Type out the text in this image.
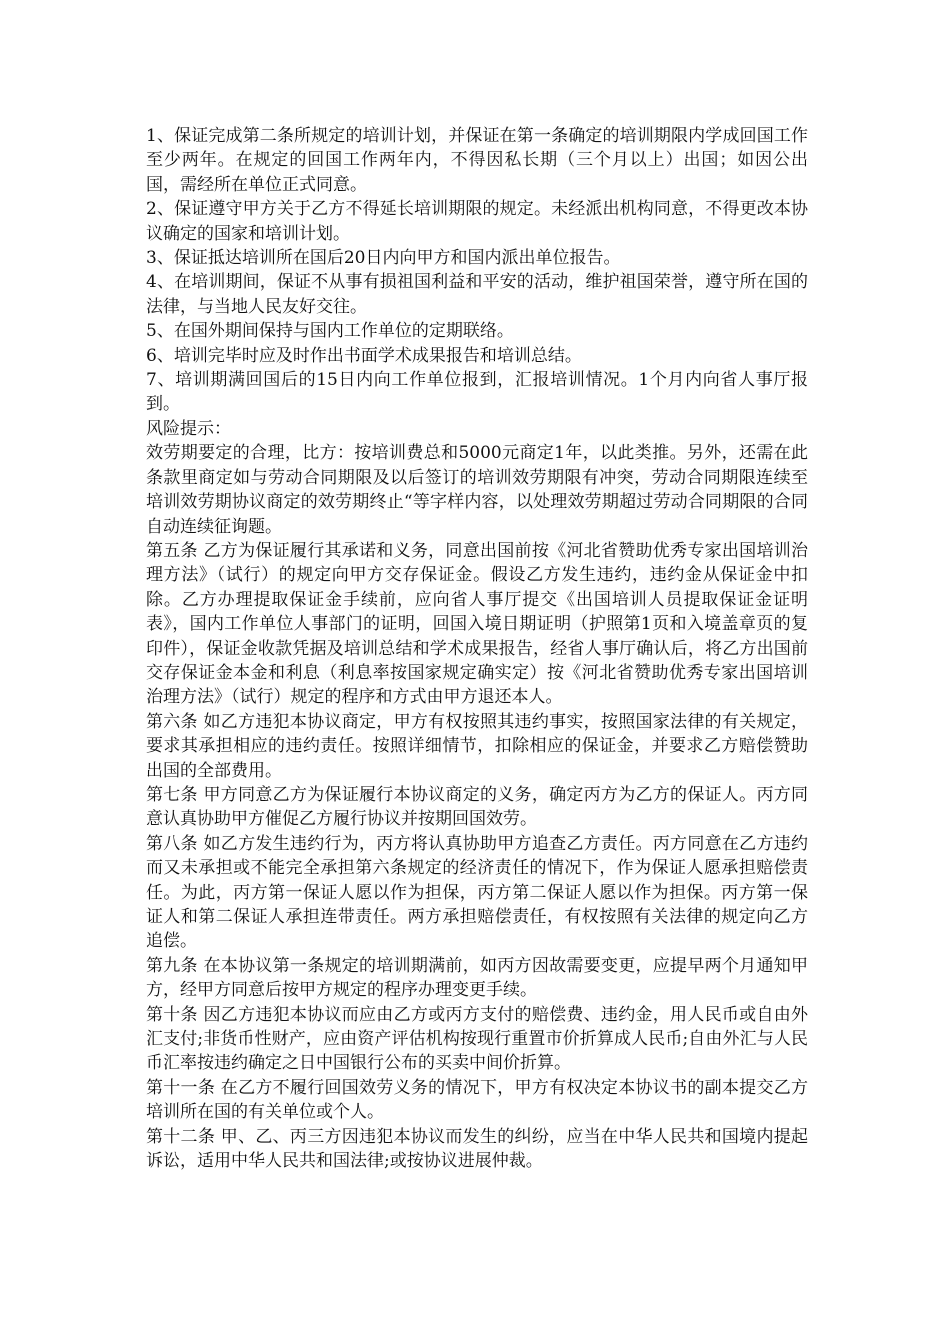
1、保证完成第二条所规定的培训计划，并保证在第一条确定的培训期限内学成回国工作至少两年。在规定的回国工作两年内，不得因私长期（三个月以上）出国；如因公出国，需经所在单位正式同意。

2、保证遵守甲方关于乙方不得延长培训期限的规定。未经派出机构同意，不得更改本协议确定的国家和培训计划。

3、保证抵达培训所在国后20日内向甲方和国内派出单位报告。

4、在培训期间，保证不从事有损祖国利益和平安的活动，维护祖国荣誉，遵守所在国的法律，与当地人民友好交往。

5、在国外期间保持与国内工作单位的定期联络。

6、培训完毕时应及时作出书面学术成果报告和培训总结。

7、培训期满回国后的15日内向工作单位报到，汇报培训情况。1个月内向省人事厅报到。

风险提示：

效劳期要定的合理，比方：按培训费总和5000元商定1年，以此类推。另外，还需在此条款里商定如与劳动合同期限及以后签订的培训效劳期限有冲突，劳动合同期限连续至培训效劳期协议商定的效劳期终止“等字样内容，以处理效劳期超过劳动合同期限的合同自动连续征询题。

第五条 乙方为保证履行其承诺和义务，同意出国前按《河北省赞助优秀专家出国培训治理方法》（试行）的规定向甲方交存保证金。假设乙方发生违约，违约金从保证金中扣除。乙方办理提取保证金手续前，应向省人事厅提交《出国培训人员提取保证金证明表》，国内工作单位人事部门的证明，回国入境日期证明（护照第1页和入境盖章页的复印件），保证金收款凭据及培训总结和学术成果报告，经省人事厅确认后，将乙方出国前交存保证金本金和利息（利息率按国家规定确实定）按《河北省赞助优秀专家出国培训治理方法》（试行）规定的程序和方式由甲方退还本人。

第六条 如乙方违犯本协议商定，甲方有权按照其违约事实，按照国家法律的有关规定，要求其承担相应的违约责任。按照详细情节，扣除相应的保证金，并要求乙方赔偿赞助出国的全部费用。

第七条 甲方同意乙方为保证履行本协议商定的义务，确定丙方为乙方的保证人。丙方同意认真协助甲方催促乙方履行协议并按期回国效劳。

第八条 如乙方发生违约行为，丙方将认真协助甲方追查乙方责任。丙方同意在乙方违约而又未承担或不能完全承担第六条规定的经济责任的情况下，作为保证人愿承担赔偿责任。为此，丙方第一保证人愿以作为担保，丙方第二保证人愿以作为担保。丙方第一保证人和第二保证人承担连带责任。两方承担赔偿责任，有权按照有关法律的规定向乙方追偿。

第九条 在本协议第一条规定的培训期满前，如丙方因故需要变更，应提早两个月通知甲方，经甲方同意后按甲方规定的程序办理变更手续。

第十条 因乙方违犯本协议而应由乙方或丙方支付的赔偿费、违约金，用人民币或自由外汇支付;非货币性财产，应由资产评估机构按现行重置市价折算成人民币;自由外汇与人民币汇率按违约确定之日中国银行公布的买卖中间价折算。

第十一条 在乙方不履行回国效劳义务的情况下，甲方有权决定本协议书的副本提交乙方培训所在国的有关单位或个人。

第十二条 甲、乙、丙三方因违犯本协议而发生的纠纷，应当在中华人民共和国境内提起诉讼，适用中华人民共和国法律;或按协议进展仲裁。
